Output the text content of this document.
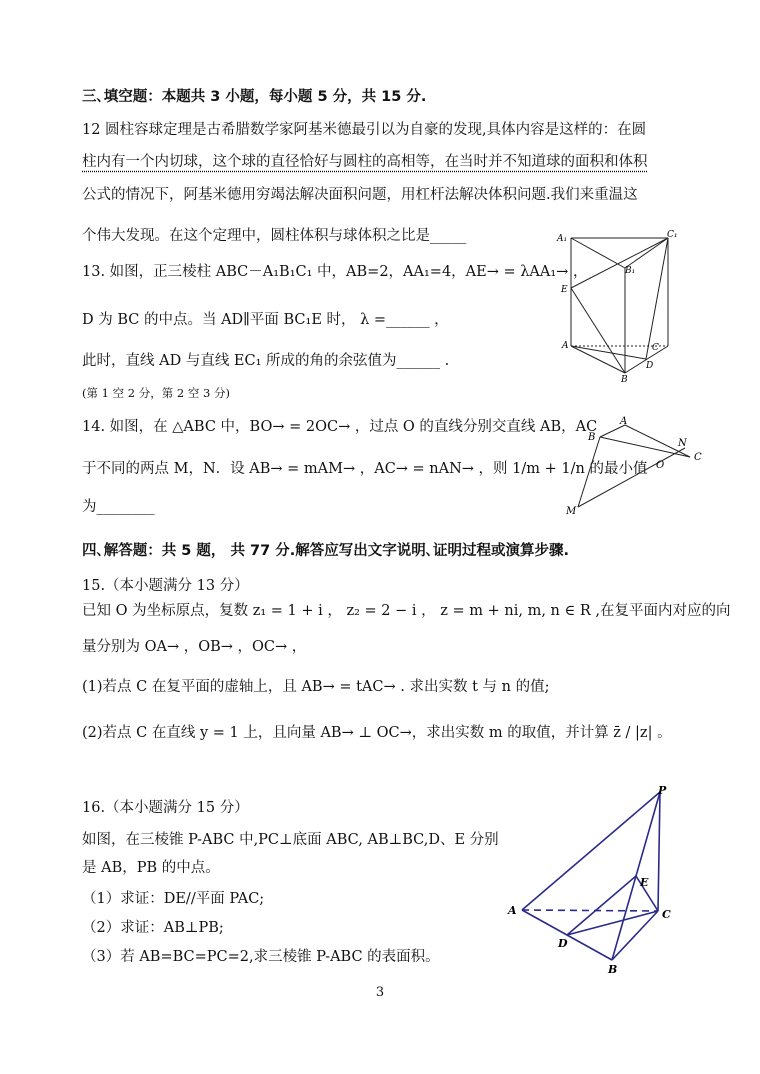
三､填空题：本题共 3 小题，每小题 5 分，共 15 分.
12 圆柱容球定理是古希腊数学家阿基米德最引以为自豪的发现,具体内容是这样的：在圆
柱内有一个内切球，这个球的直径恰好与圆柱的高相等，在当时并不知道球的面积和体积
公式的情况下，阿基米德用穷竭法解决面积问题，用杠杆法解决体积问题.我们来重温这
个伟大发现。在这个定理中，圆柱体积与球体积之比是_____
13. 如图，正三棱柱 ABC－A₁B₁C₁ 中，AB=2，AA₁=4，AE→ = λAA₁→ ，
D 为 BC 的中点。当 AD∥平面 BC₁E 时， λ =______ ，
此时，直线 AD 与直线 EC₁ 所成的角的余弦值为______ .
(第 1 空 2 分，第 2 空 3 分)
A₁	C₁
B₁
E
A	C
D
B
14. 如图，在 △ABC 中，BO→ = 2OC→ ，过点 O 的直线分别交直线 AB，AC
于不同的两点 M，N．设 AB→ = mAM→ ，AC→ = nAN→ ，则 1/m + 1/n 的最小值
为________
A
N
C
B
O
M
四､解答题：共 5 题， 共 77 分.解答应写出文字说明､证明过程或演算步骤.
15.（本小题满分 13 分）
已知 O 为坐标原点，复数 z₁ = 1 + i ， z₂ = 2 − i ， z = m + ni, m, n ∈ R ,在复平面内对应的向
量分别为 OA→ ，OB→ ，OC→ ，
(1)若点 C 在复平面的虚轴上，且 AB→ = tAC→ . 求出实数 t 与 n 的值;
(2)若点 C 在直线 y = 1 上，且向量 AB→ ⊥ OC→，求出实数 m 的取值，并计算 z̄ / |z| 。
16.（本小题满分 15 分）
如图，在三棱锥 P-ABC 中,PC⊥底面 ABC, AB⊥BC,D、E 分别
是 AB，PB 的中点。
（1）求证：DE//平面 PAC;
（2）求证：AB⊥PB;
（3）若 AB=BC=PC=2,求三棱锥 P-ABC 的表面积。
P
E
A	C
D
B
3
